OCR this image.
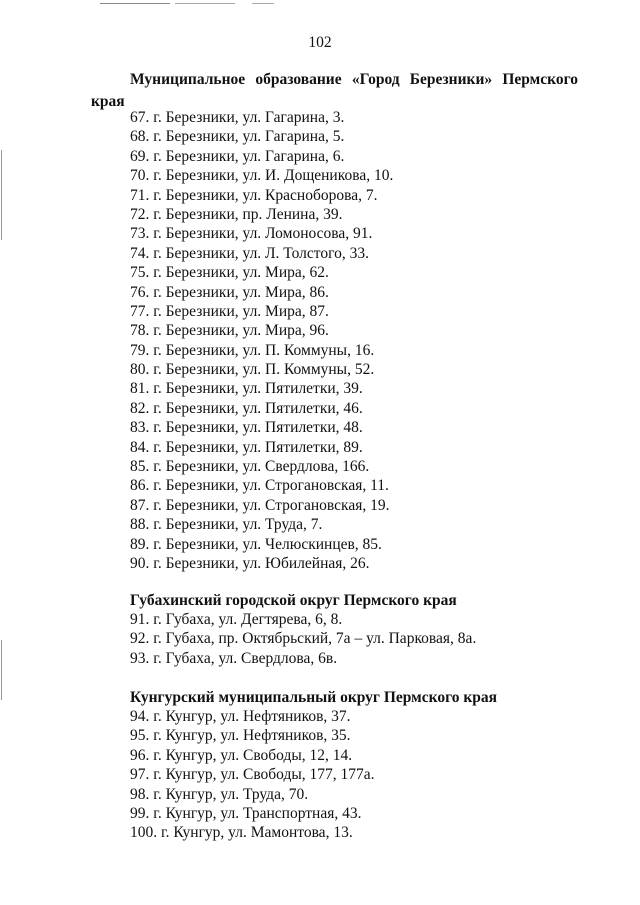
102
Муниципальное образование «Город Березники» Пермского
края
67. г. Березники, ул. Гагарина, 3.
68. г. Березники, ул. Гагарина, 5.
69. г. Березники, ул. Гагарина, 6.
70. г. Березники, ул. И. Дощеникова, 10.
71. г. Березники, ул. Красноборова, 7.
72. г. Березники, пр. Ленина, 39.
73. г. Березники, ул. Ломоносова, 91.
74. г. Березники, ул. Л. Толстого, 33.
75. г. Березники, ул. Мира, 62.
76. г. Березники, ул. Мира, 86.
77. г. Березники, ул. Мира, 87.
78. г. Березники, ул. Мира, 96.
79. г. Березники, ул. П. Коммуны, 16.
80. г. Березники, ул. П. Коммуны, 52.
81. г. Березники, ул. Пятилетки, 39.
82. г. Березники, ул. Пятилетки, 46.
83. г. Березники, ул. Пятилетки, 48.
84. г. Березники, ул. Пятилетки, 89.
85. г. Березники, ул. Свердлова, 166.
86. г. Березники, ул. Строгановская, 11.
87. г. Березники, ул. Строгановская, 19.
88. г. Березники, ул. Труда, 7.
89. г. Березники, ул. Челюскинцев, 85.
90. г. Березники, ул. Юбилейная, 26.
Губахинский городской округ Пермского края
91. г. Губаха, ул. Дегтярева, 6, 8.
92. г. Губаха, пр. Октябрьский, 7а – ул. Парковая, 8а.
93. г. Губаха, ул. Свердлова, 6в.
Кунгурский муниципальный округ Пермского края
94. г. Кунгур, ул. Нефтяников, 37.
95. г. Кунгур, ул. Нефтяников, 35.
96. г. Кунгур, ул. Свободы, 12, 14.
97. г. Кунгур, ул. Свободы, 177, 177а.
98. г. Кунгур, ул. Труда, 70.
99. г. Кунгур, ул. Транспортная, 43.
100. г. Кунгур, ул. Мамонтова, 13.
